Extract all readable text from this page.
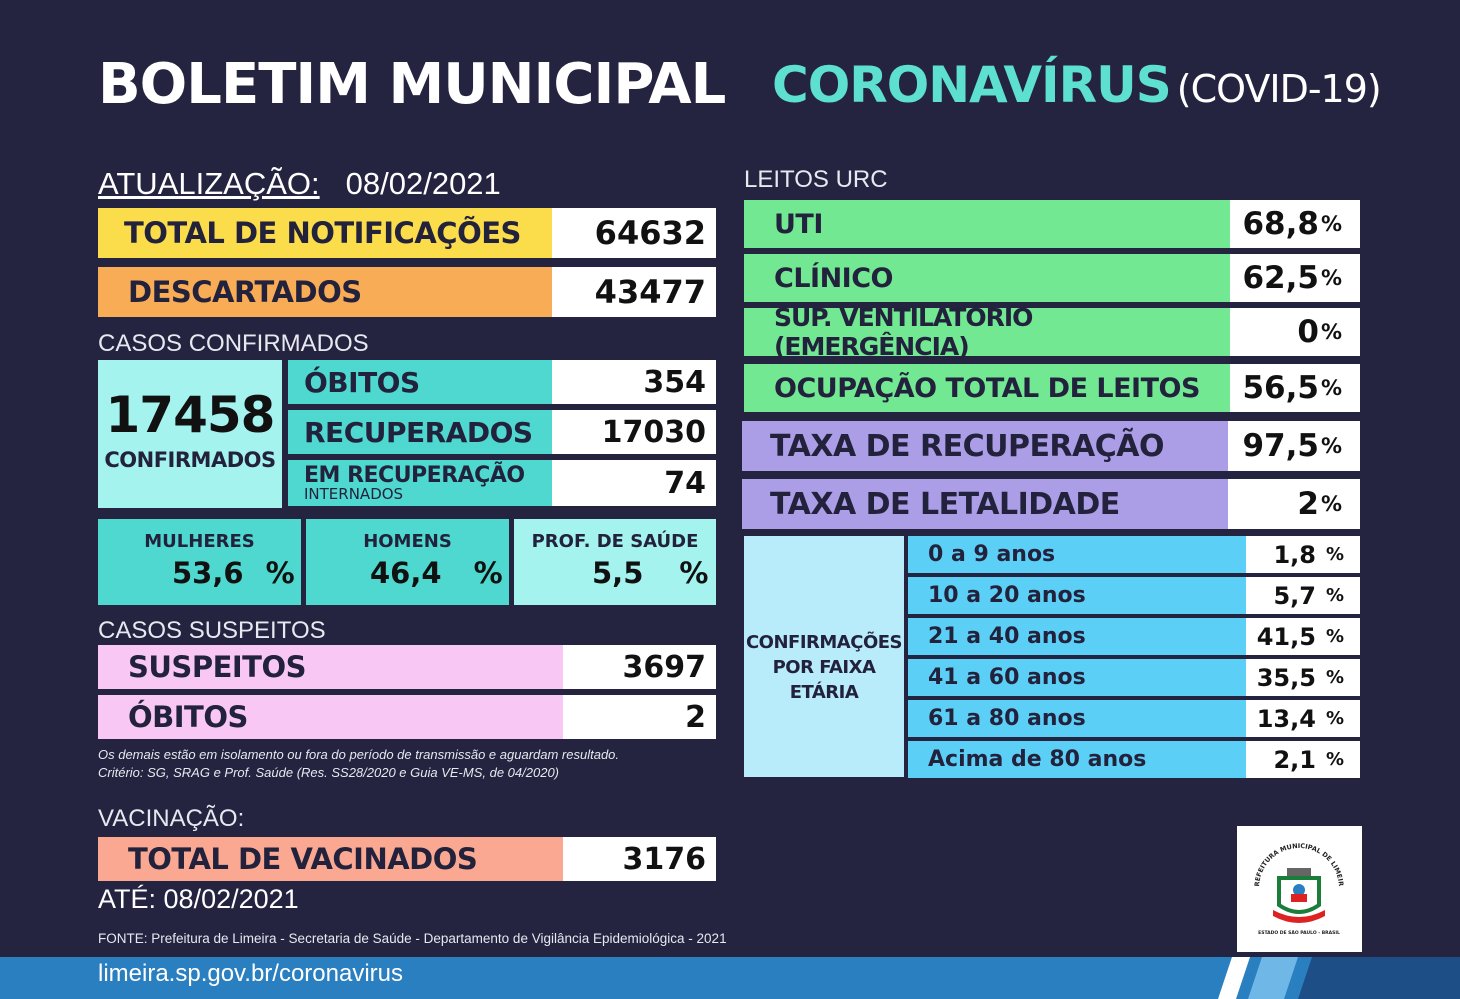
BOLETIM MUNICIPAL CORONAVÍRUS (COVID-19)
ATUALIZAÇÃO: 08/02/2021
TOTAL DE NOTIFICAÇÕES	64632
DESCARTADOS	43477
CASOS CONFIRMADOS
17458
CONFIRMADOS
ÓBITOS	354
RECUPERADOS	17030
EM RECUPERAÇÃO
INTERNADOS	74
MULHERES
53,6 %
HOMENS
46,4 %
PROF. DE SAÚDE
5,5 %
CASOS SUSPEITOS
SUSPEITOS	3697
ÓBITOS	2
Os demais estão em isolamento ou fora do período de transmissão e aguardam resultado.
Critério: SG, SRAG e Prof. Saúde (Res. SS28/2020 e Guia VE-MS, de 04/2020)
VACINAÇÃO:
TOTAL DE VACINADOS	3176
ATÉ: 08/02/2021
LEITOS URC
UTI	68,8 %
CLÍNICO	62,5 %
SUP. VENTILATÓRIO (EMERGÊNCIA)	0 %
OCUPAÇÃO TOTAL DE LEITOS	56,5 %
TAXA DE RECUPERAÇÃO	97,5 %
TAXA DE LETALIDADE	2 %
CONFIRMAÇÕES
POR FAIXA
ETÁRIA
0 a 9 anos	1,8 %
10 a 20 anos	5,7 %
21 a 40 anos	41,5 %
41 a 60 anos	35,5 %
61 a 80 anos	13,4 %
Acima de 80 anos	2,1 %
REFEITURA MUNICIPAL DE LIMEIR
ESTADO DE SÃO PAULO - BRASIL
FONTE: Prefeitura de Limeira - Secretaria de Saúde - Departamento de Vigilância Epidemiológica - 2021
limeira.sp.gov.br/coronavirus
